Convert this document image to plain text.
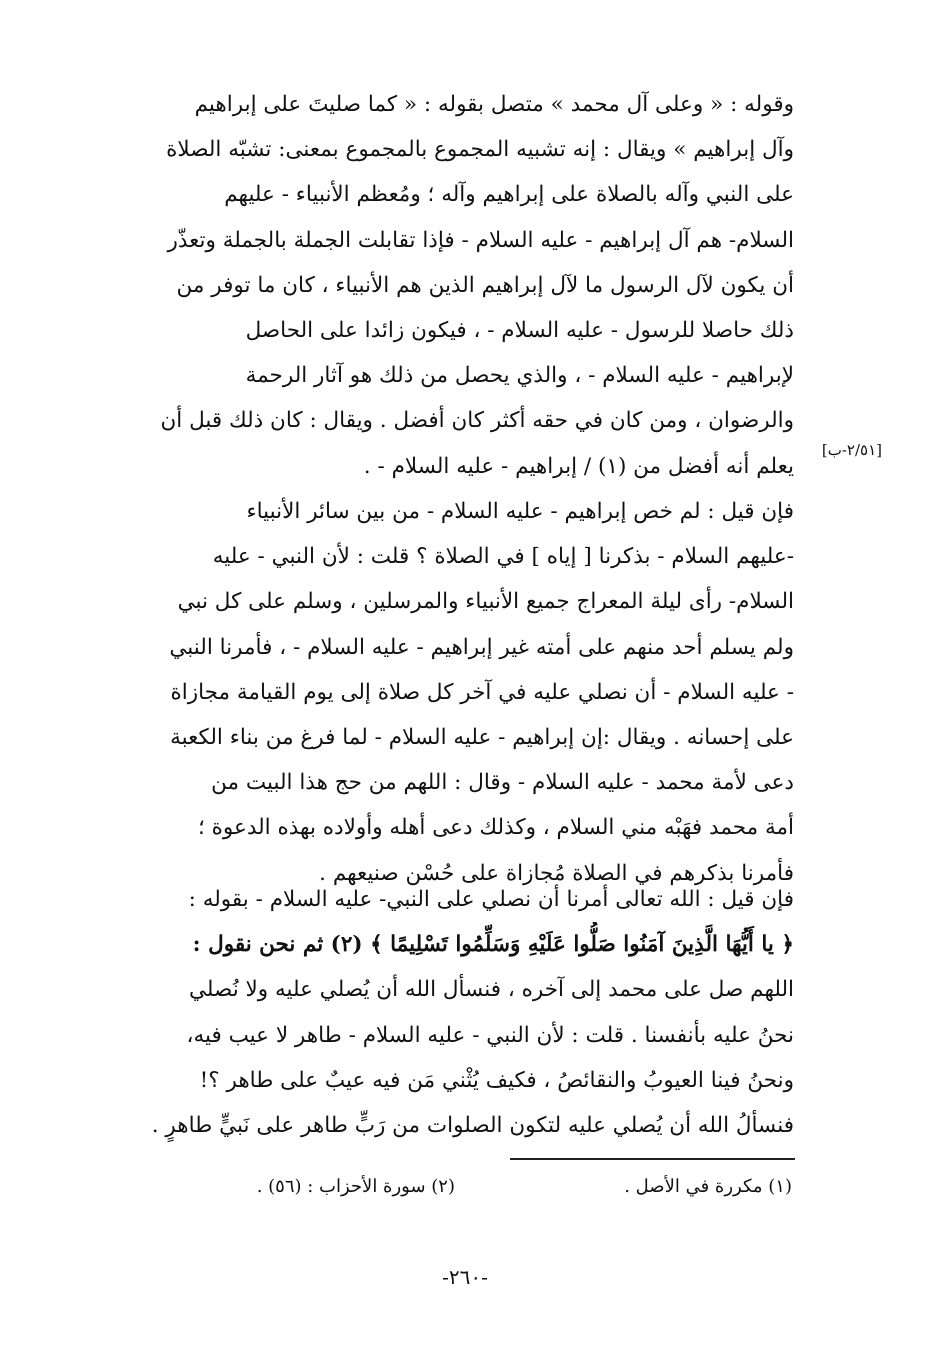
وقوله : « وعلى آل محمد » متصل بقوله : « كما صليتَ على إبراهيم
وآل إبراهيم » ويقال : إنه تشبيه المجموع بالمجموع بمعنى: تشبّه الصلاة
على النبي وآله بالصلاة على إبراهيم وآله ؛ ومُعظم الأنبياء - عليهم
السلام- هم آل إبراهيم - عليه السلام - فإذا تقابلت الجملة بالجملة وتعذّر
أن يكون لآل الرسول ما لآل إبراهيم الذين هم الأنبياء ، كان ما توفر من
ذلك حاصلا للرسول - عليه السلام - ، فيكون زائدا على الحاصل
لإبراهيم - عليه السلام - ، والذي يحصل من ذلك هو آثار الرحمة
والرضوان ، ومن كان في حقه أكثر كان أفضل . ويقال : كان ذلك قبل أن
يعلم أنه أفضل من (١) / إبراهيم - عليه السلام - .
[٢/٥١-ب]
فإن قيل : لم خص إبراهيم - عليه السلام - من بين سائر الأنبياء
-عليهم السلام - بذكرنا [ إياه ] في الصلاة ؟ قلت : لأن النبي - عليه
السلام- رأى ليلة المعراج جميع الأنبياء والمرسلين ، وسلم على كل نبي
ولم يسلم أحد منهم على أمته غير إبراهيم - عليه السلام - ، فأمرنا النبي
- عليه السلام - أن نصلي عليه في آخر كل صلاة إلى يوم القيامة مجازاة
على إحسانه . ويقال :إن إبراهيم - عليه السلام - لما فرغ من بناء الكعبة
دعى لأمة محمد - عليه السلام - وقال : اللهم من حج هذا البيت من
أمة محمد فهَبْه مني السلام ، وكذلك دعى أهله وأولاده بهذه الدعوة ؛
فأمرنا بذكرهم في الصلاة مُجازاة على حُسْن صنيعهم .
فإن قيل : الله تعالى أمرنا أن نصلي على النبي- عليه السلام - بقوله :
﴿ يا أَيُّهَا الَّذِينَ آمَنُوا صَلُّوا عَلَيْهِ وَسَلِّمُوا تَسْلِيمًا ﴾ (٢) ثم نحن نقول :
اللهم صل على محمد إلى آخره ، فنسأل الله أن يُصلي عليه ولا نُصلي
نحنُ عليه بأنفسنا . قلت : لأن النبي - عليه السلام - طاهر لا عيب فيه،
ونحنُ فينا العيوبُ والنقائصُ ، فكيف يُثْني مَن فيه عيبٌ على طاهر ؟!
فنسألُ الله أن يُصلي عليه لتكون الصلوات من رَبٍّ طاهر على نَبيٍّ طاهرٍ .
(١) مكررة في الأصل .
(٢) سورة الأحزاب : (٥٦) .
-٢٦٠-
